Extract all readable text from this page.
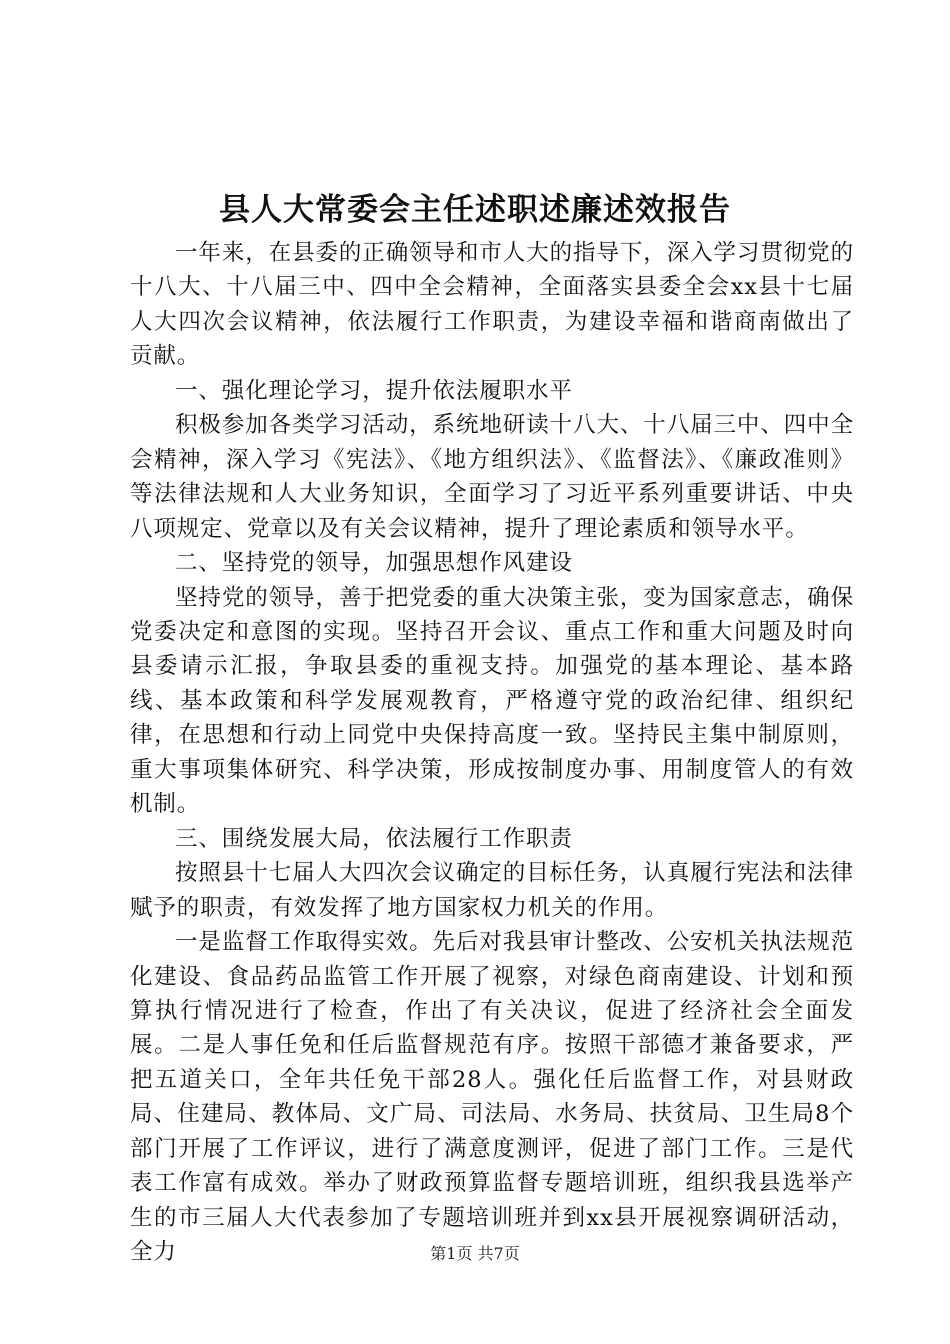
县人大常委会主任述职述廉述效报告

一年来，在县委的正确领导和市人大的指导下，深入学习贯彻党的十八大、十八届三中、四中全会精神，全面落实县委全会xx县十七届人大四次会议精神，依法履行工作职责，为建设幸福和谐商南做出了贡献。

一、强化理论学习，提升依法履职水平

积极参加各类学习活动，系统地研读十八大、十八届三中、四中全会精神，深入学习《宪法》、《地方组织法》、《监督法》、《廉政准则》等法律法规和人大业务知识，全面学习了习近平系列重要讲话、中央八项规定、党章以及有关会议精神，提升了理论素质和领导水平。

二、坚持党的领导，加强思想作风建设

坚持党的领导，善于把党委的重大决策主张，变为国家意志，确保党委决定和意图的实现。坚持召开会议、重点工作和重大问题及时向县委请示汇报，争取县委的重视支持。加强党的基本理论、基本路线、基本政策和科学发展观教育，严格遵守党的政治纪律、组织纪律，在思想和行动上同党中央保持高度一致。坚持民主集中制原则，重大事项集体研究、科学决策，形成按制度办事、用制度管人的有效机制。

三、围绕发展大局，依法履行工作职责

按照县十七届人大四次会议确定的目标任务，认真履行宪法和法律赋予的职责，有效发挥了地方国家权力机关的作用。

一是监督工作取得实效。先后对我县审计整改、公安机关执法规范化建设、食品药品监管工作开展了视察，对绿色商南建设、计划和预算执行情况进行了检查，作出了有关决议，促进了经济社会全面发展。二是人事任免和任后监督规范有序。按照干部德才兼备要求，严把五道关口，全年共任免干部28人。强化任后监督工作，对县财政局、住建局、教体局、文广局、司法局、水务局、扶贫局、卫生局8个部门开展了工作评议，进行了满意度测评，促进了部门工作。三是代表工作富有成效。举办了财政预算监督专题培训班，组织我县选举产生的市三届人大代表参加了专题培训班并到xx县开展视察调研活动，全力	第1页 共7页
